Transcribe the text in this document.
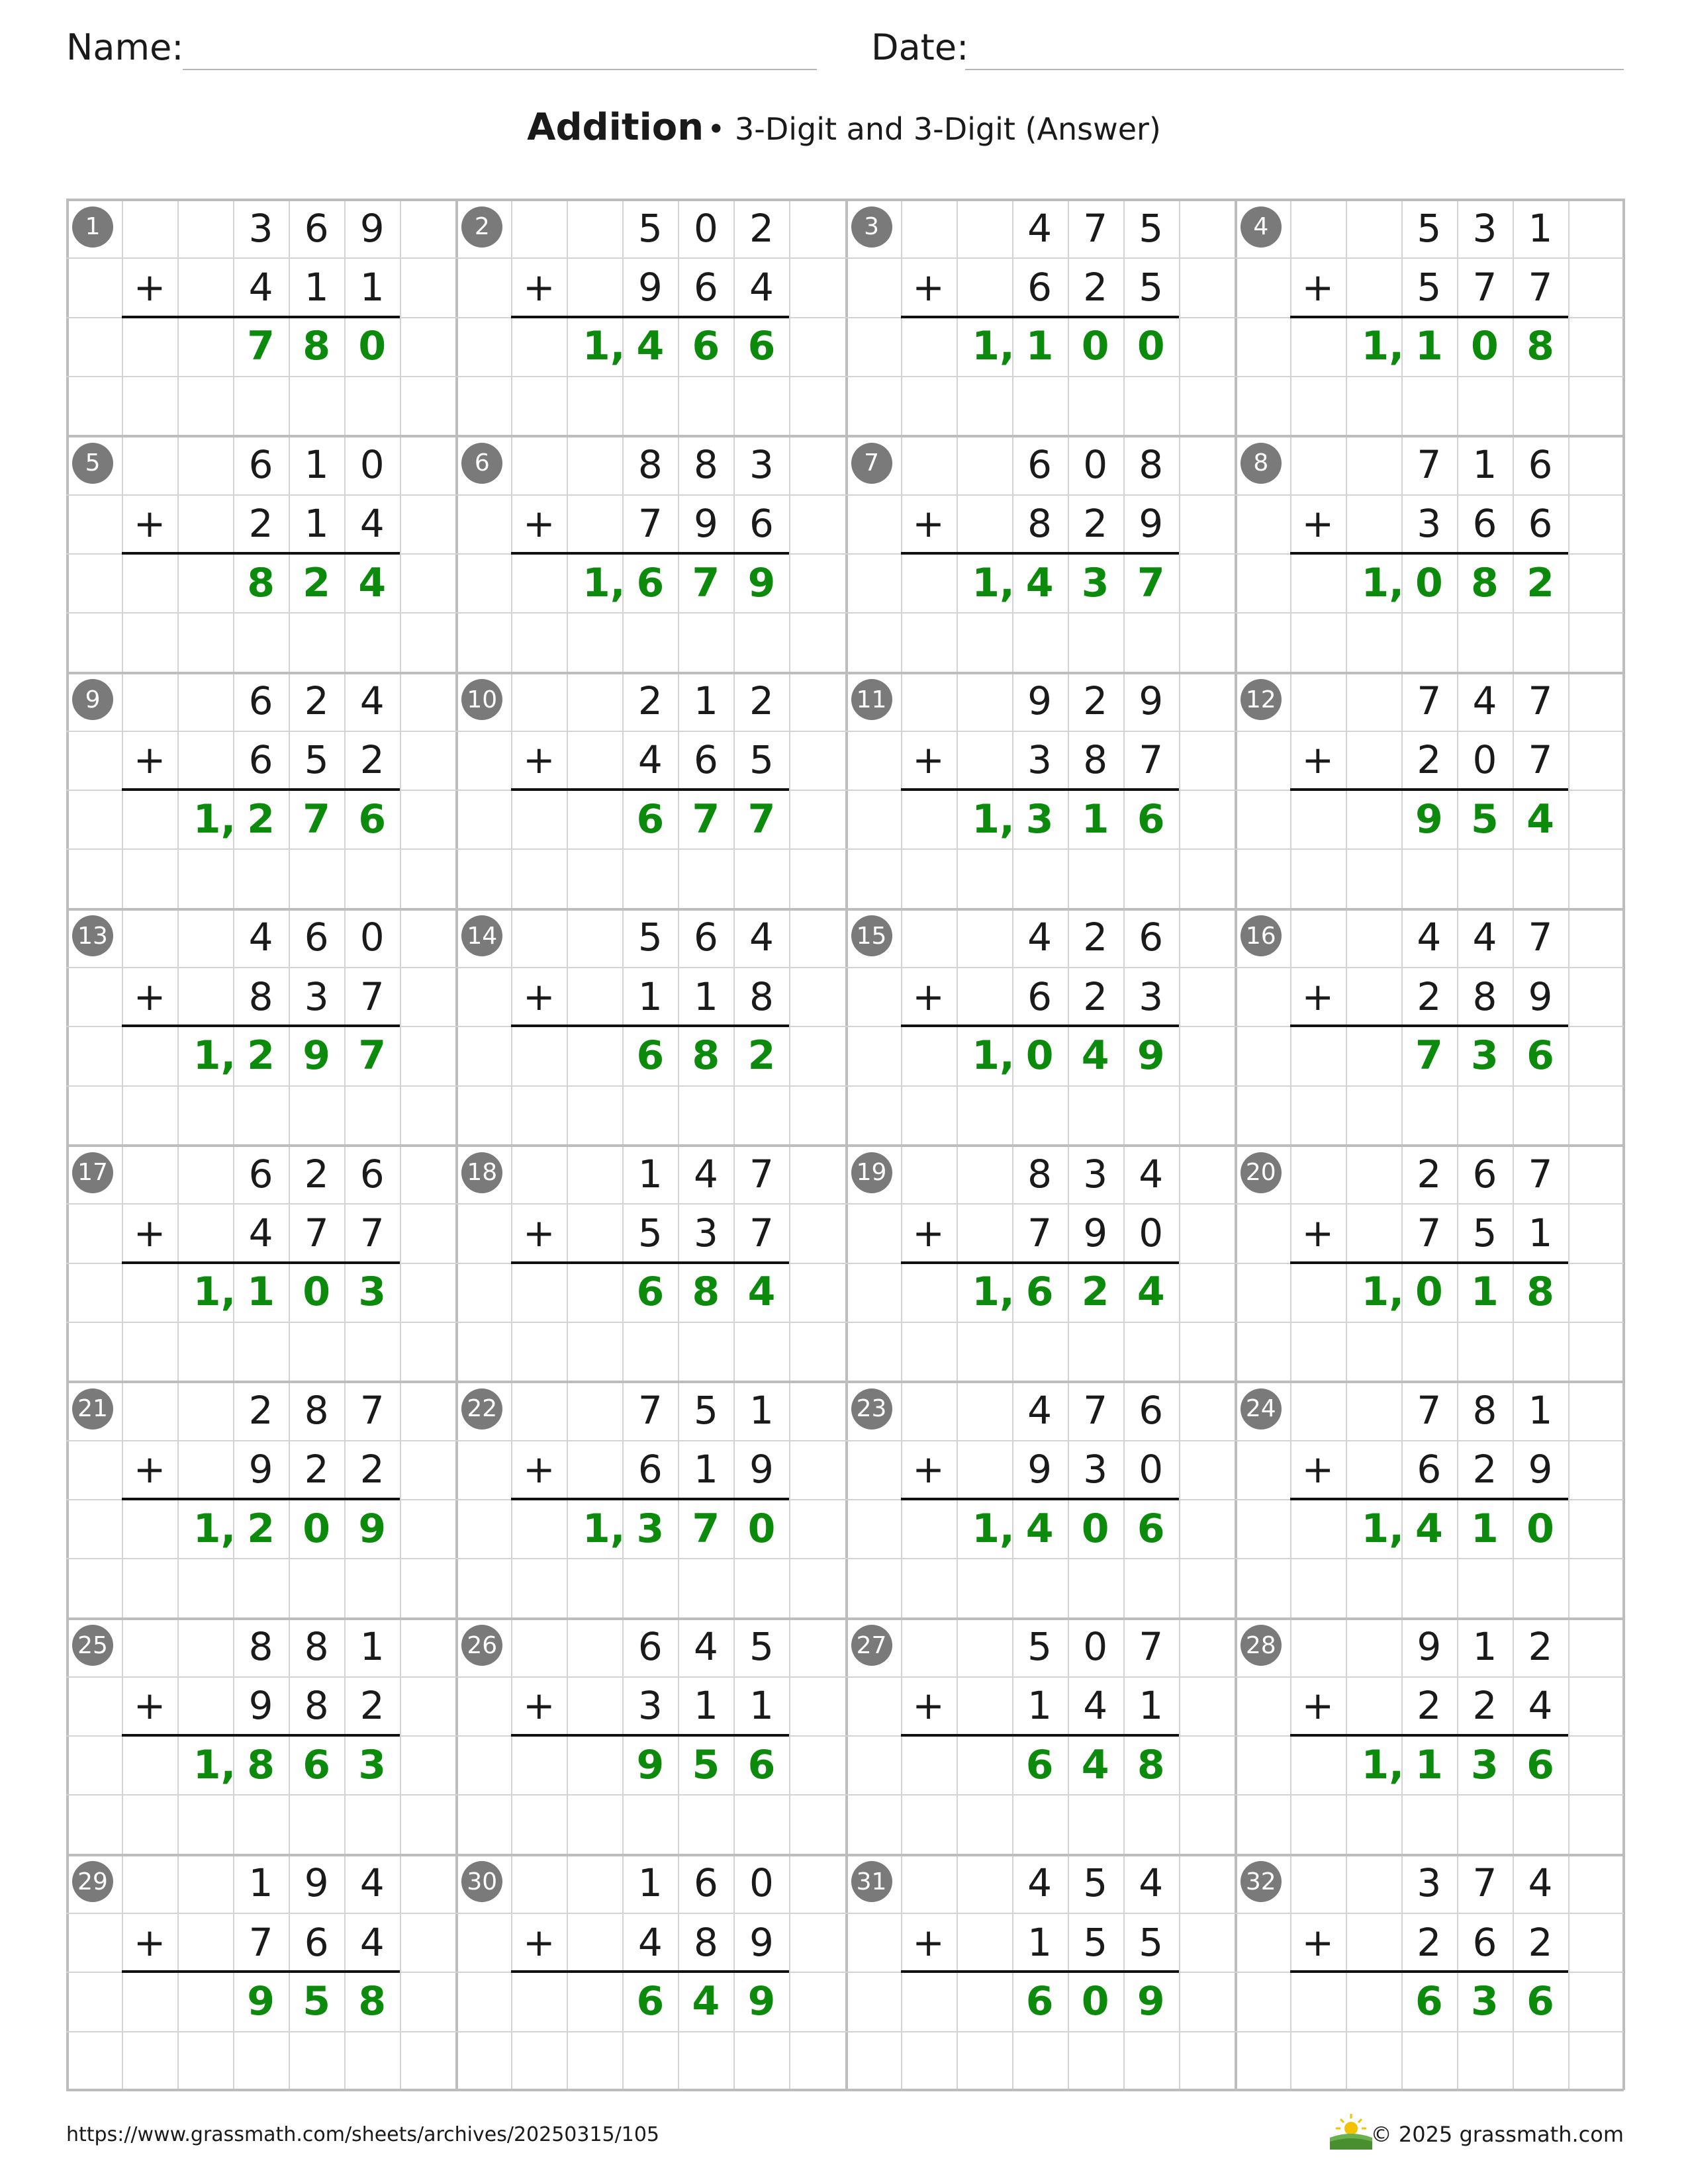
Name:	Date:
Addition • 3-Digit and 3-Digit (Answer)
1	3 6 9
+	4 1 1
7 8 0
2	5 0 2
+	9 6 4
1, 4 6 6
3	4 7 5
+	6 2 5
1, 1 0 0
4	5 3 1
+	5 7 7
1, 1 0 8
5	6 1 0
+	2 1 4
8 2 4
6	8 8 3
+	7 9 6
1, 6 7 9
7	6 0 8
+	8 2 9
1, 4 3 7
8	7 1 6
+	3 6 6
1, 0 8 2
9	6 2 4
+	6 5 2
1, 2 7 6
10	2 1 2
+	4 6 5
6 7 7
11	9 2 9
+	3 8 7
1, 3 1 6
12	7 4 7
+	2 0 7
9 5 4
13	4 6 0
+	8 3 7
1, 2 9 7
14	5 6 4
+	1 1 8
6 8 2
15	4 2 6
+	6 2 3
1, 0 4 9
16	4 4 7
+	2 8 9
7 3 6
17	6 2 6
+	4 7 7
1, 1 0 3
18	1 4 7
+	5 3 7
6 8 4
19	8 3 4
+	7 9 0
1, 6 2 4
20	2 6 7
+	7 5 1
1, 0 1 8
21	2 8 7
+	9 2 2
1, 2 0 9
22	7 5 1
+	6 1 9
1, 3 7 0
23	4 7 6
+	9 3 0
1, 4 0 6
24	7 8 1
+	6 2 9
1, 4 1 0
25	8 8 1
+	9 8 2
1, 8 6 3
26	6 4 5
+	3 1 1
9 5 6
27	5 0 7
+	1 4 1
6 4 8
28	9 1 2
+	2 2 4
1, 1 3 6
29	1 9 4
+	7 6 4
9 5 8
30	1 6 0
+	4 8 9
6 4 9
31	4 5 4
+	1 5 5
6 0 9
32	3 7 4
+	2 6 2
6 3 6
https://www.grassmath.com/sheets/archives/20250315/105	© 2025 grassmath.com
